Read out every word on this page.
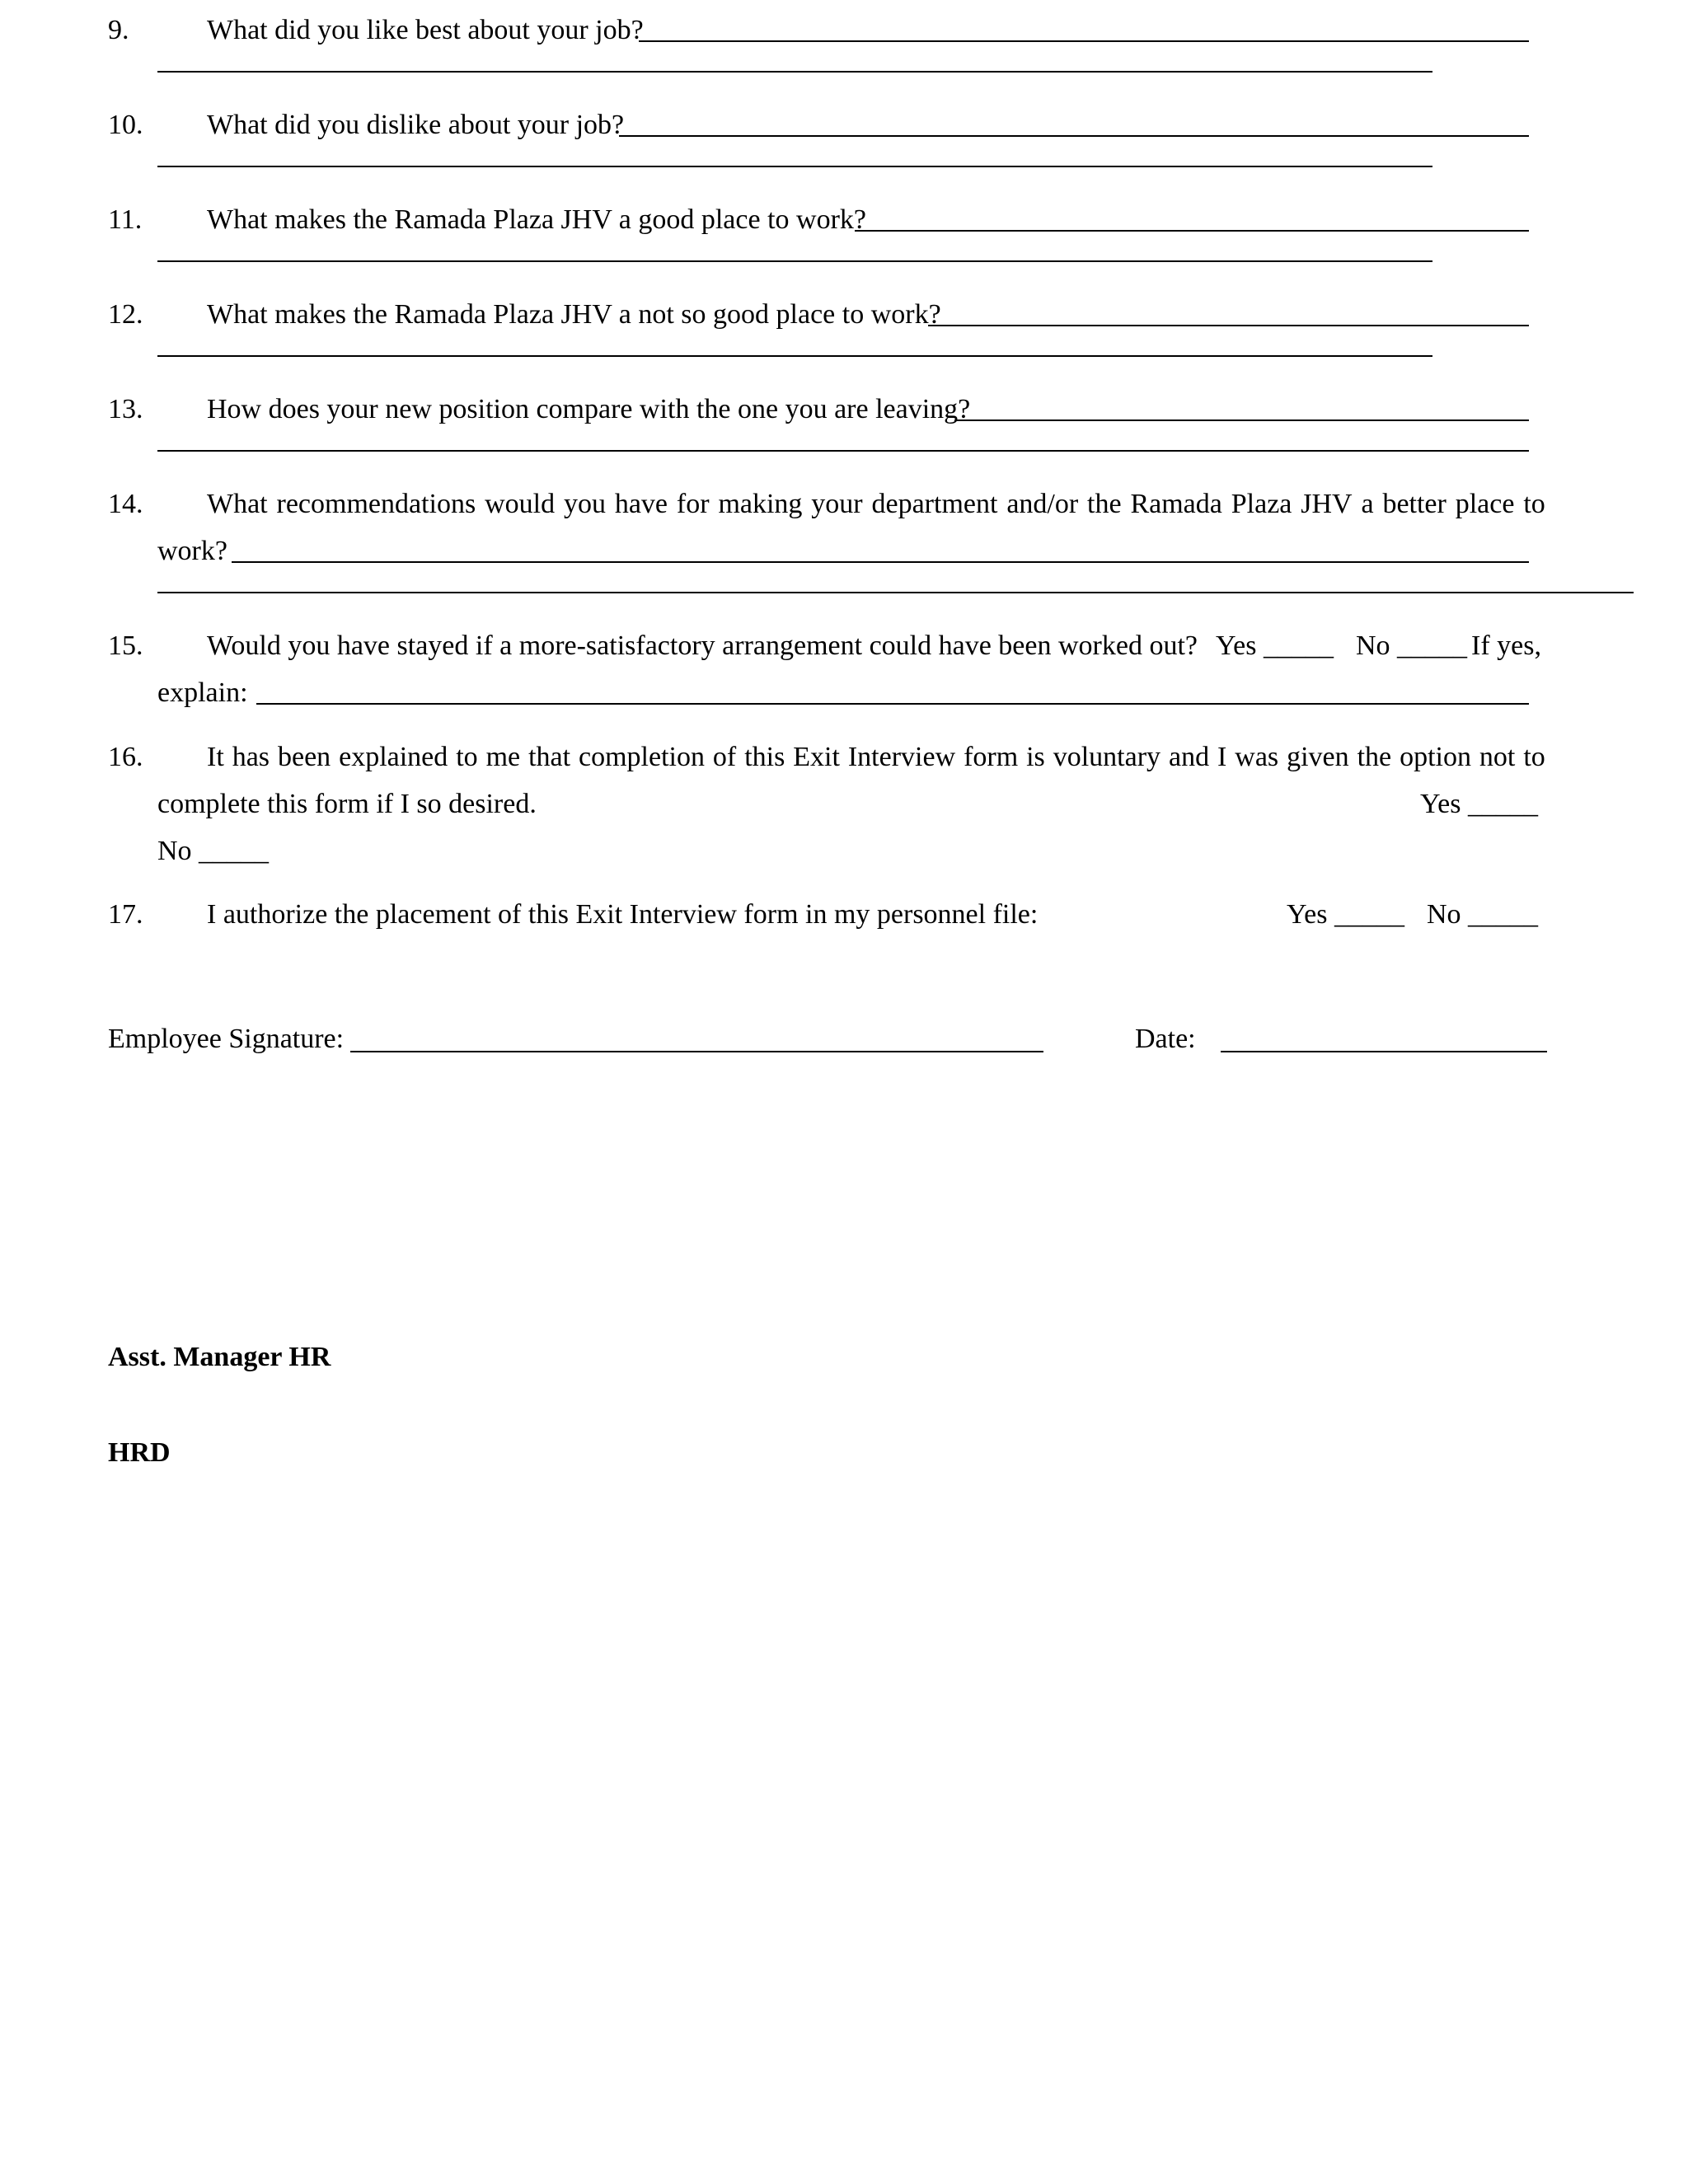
9.	What did you like best about your job?
10. What did you dislike about your job?
11. What makes the Ramada Plaza JHV a good place to work?
12. What makes the Ramada Plaza JHV a not so good place to work?
13. How does your new position compare with the one you are leaving?
14. What recommendations would you have for making your department and/or the Ramada Plaza JHV a better place to
work?
15. Would you have stayed if a more-satisfactory arrangement could have been worked out? Yes _____ No _____ If yes,
explain:
16. It has been explained to me that completion of this Exit Interview form is voluntary and I was given the option not to
complete this form if I so desired.	Yes _____
No _____
17. I authorize the placement of this Exit Interview form in my personnel file:	Yes _____ No _____
Employee Signature:	Date:
Asst. Manager HR
HRD
